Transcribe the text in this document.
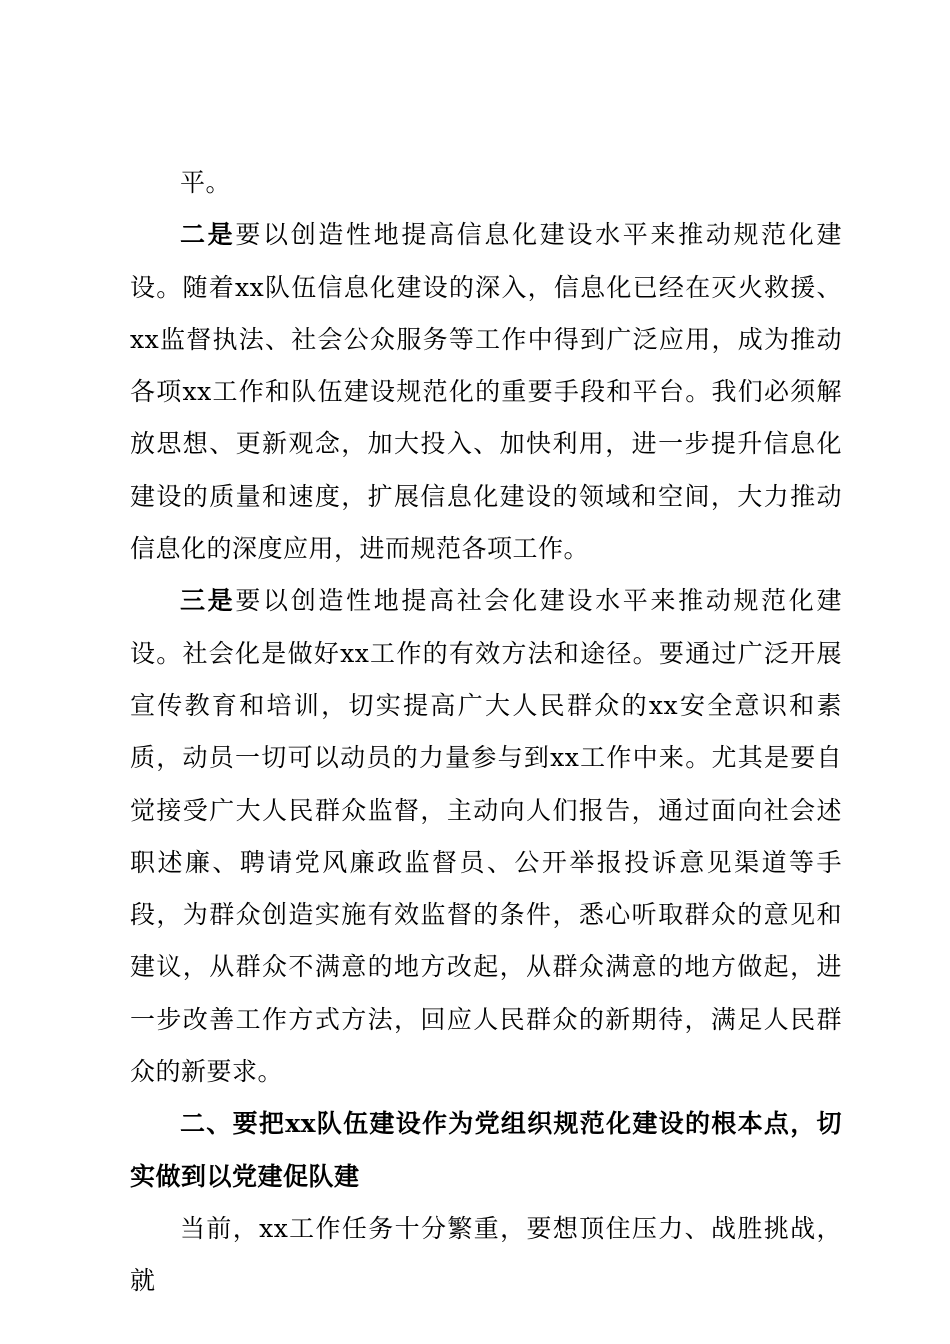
平。

二是要以创造性地提高信息化建设水平来推动规范化建设。随着xx队伍信息化建设的深入，信息化已经在灭火救援、xx监督执法、社会公众服务等工作中得到广泛应用，成为推动各项xx工作和队伍建设规范化的重要手段和平台。我们必须解放思想、更新观念，加大投入、加快利用，进一步提升信息化建设的质量和速度，扩展信息化建设的领域和空间，大力推动信息化的深度应用，进而规范各项工作。

三是要以创造性地提高社会化建设水平来推动规范化建设。社会化是做好xx工作的有效方法和途径。要通过广泛开展宣传教育和培训，切实提高广大人民群众的xx安全意识和素质，动员一切可以动员的力量参与到xx工作中来。尤其是要自觉接受广大人民群众监督，主动向人们报告，通过面向社会述职述廉、聘请党风廉政监督员、公开举报投诉意见渠道等手段，为群众创造实施有效监督的条件，悉心听取群众的意见和建议，从群众不满意的地方改起，从群众满意的地方做起，进一步改善工作方式方法，回应人民群众的新期待，满足人民群众的新要求。

二、要把xx队伍建设作为党组织规范化建设的根本点，切实做到以党建促队建

当前，xx工作任务十分繁重，要想顶住压力、战胜挑战，就
